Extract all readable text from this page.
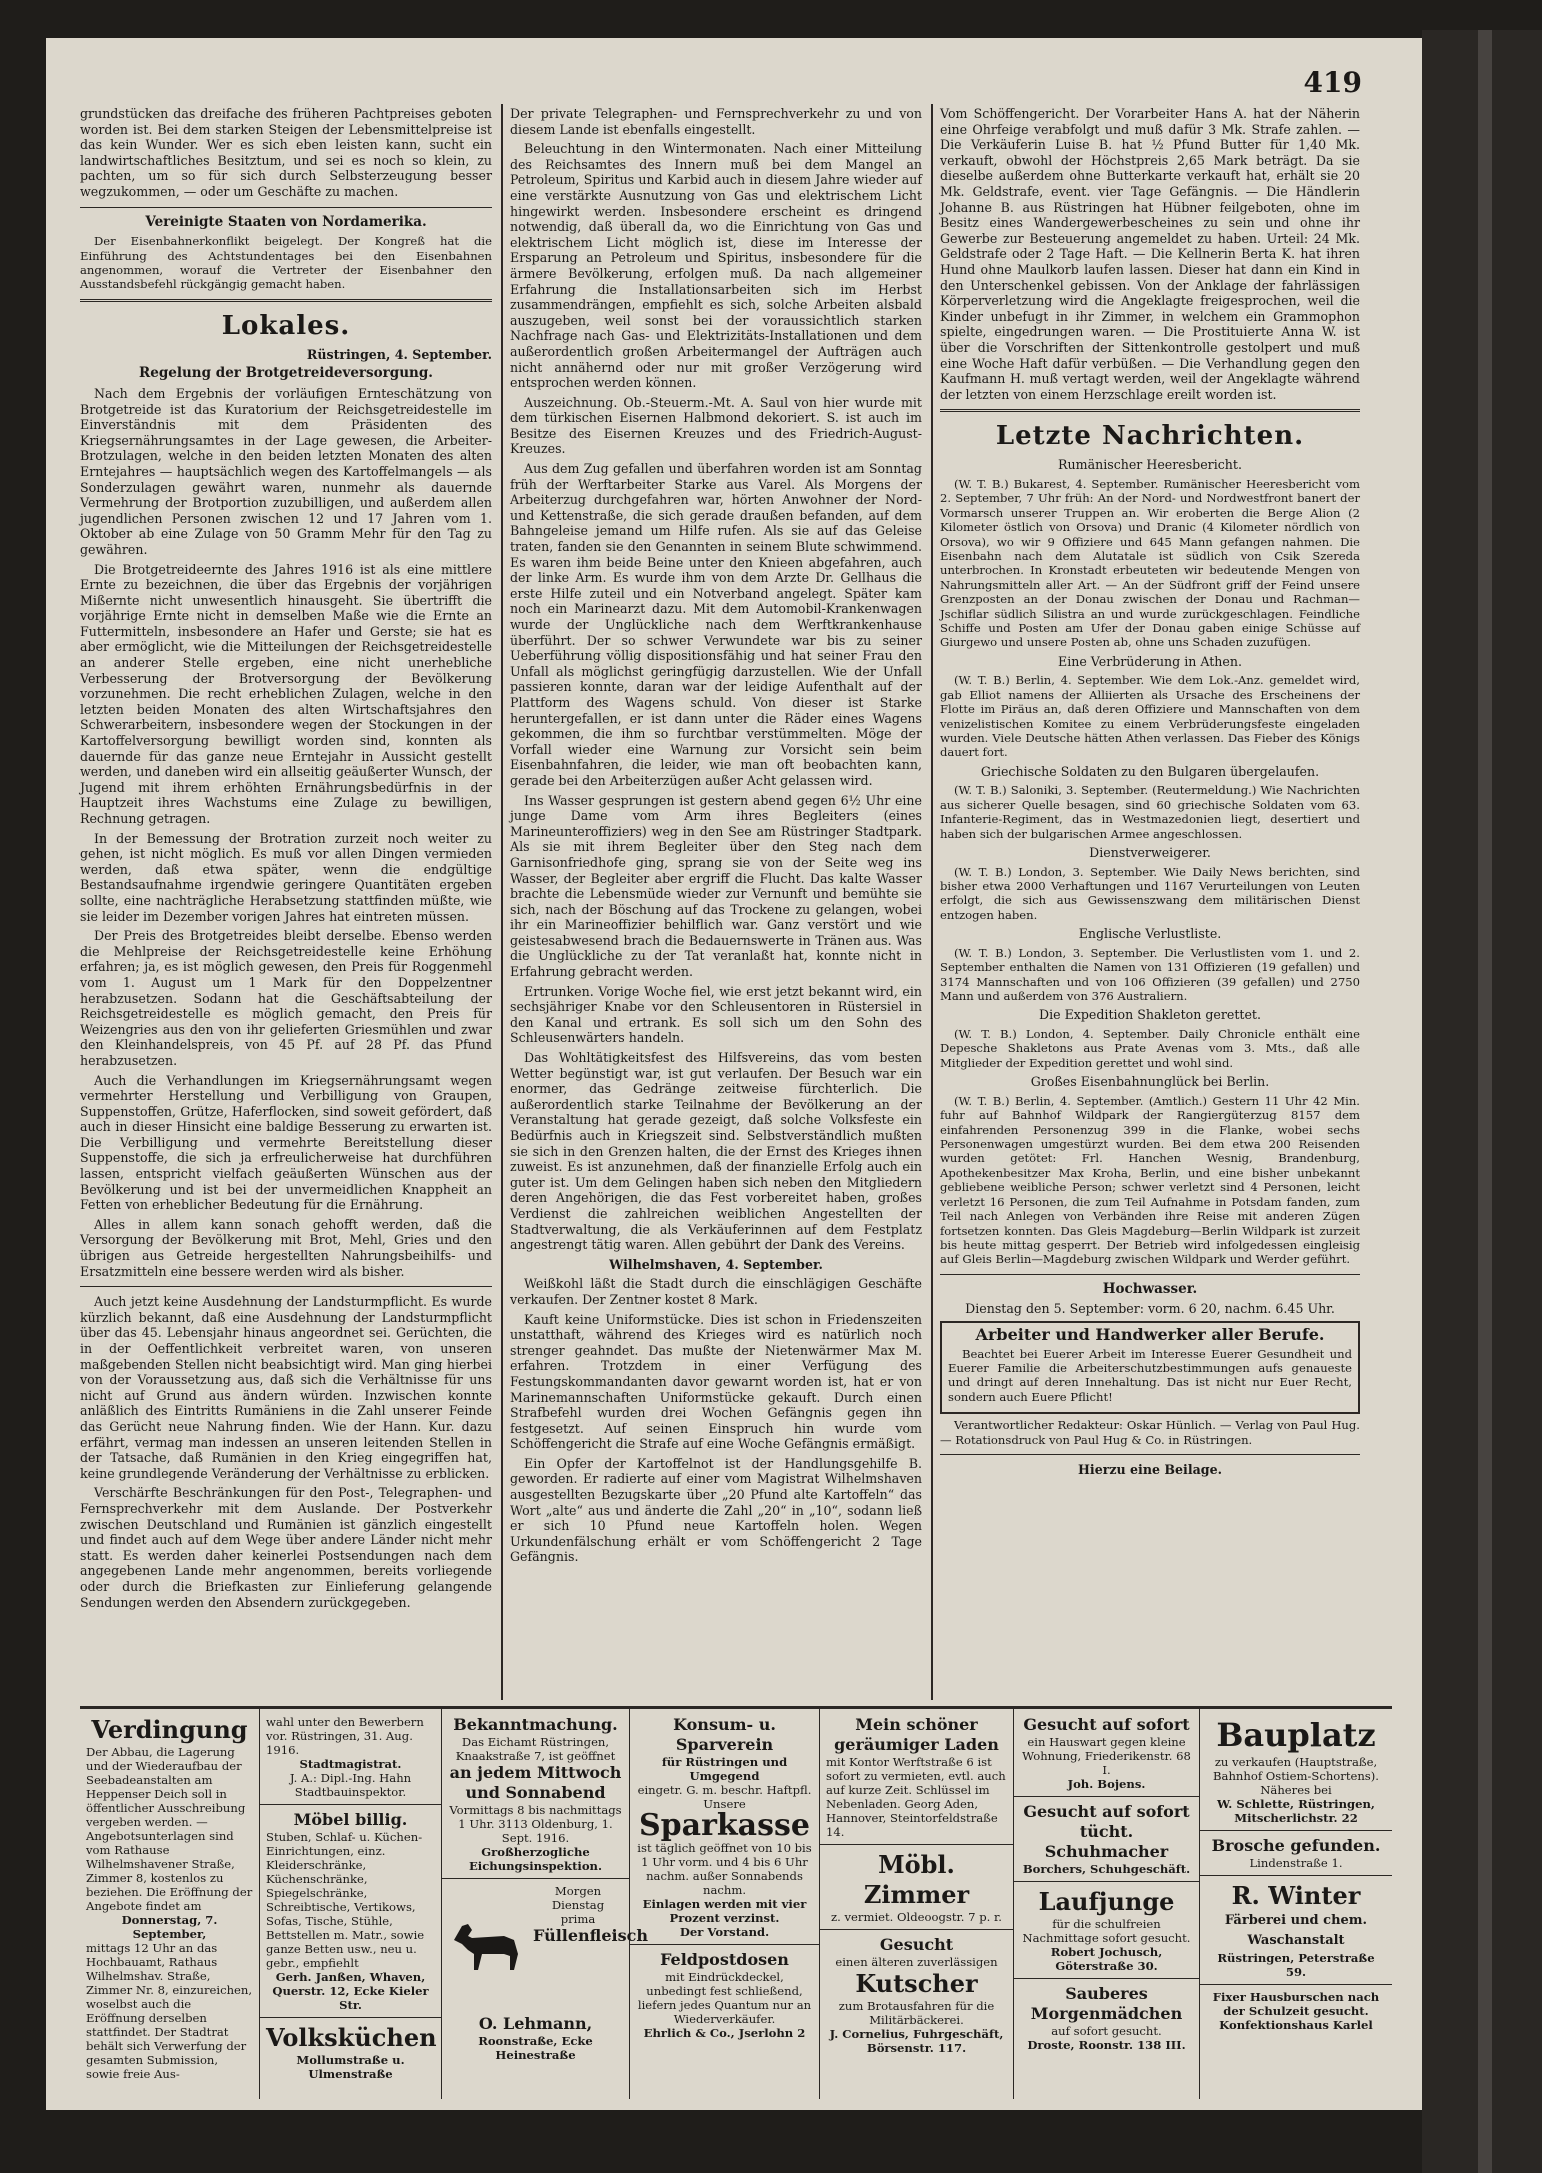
419

grundstücken das dreifache des früheren Pachtpreises geboten worden ist. Bei dem starken Steigen der Lebensmittelpreise ist das kein Wunder. Wer es sich eben leisten kann, sucht ein landwirtschaftliches Besitztum, und sei es noch so klein, zu pachten, um so für sich durch Selbsterzeugung besser wegzukommen, — oder um Geschäfte zu machen.

Vereinigte Staaten von Nordamerika.

Der Eisenbahnerkonflikt beigelegt. Der Kongreß hat die Einführung des Achtstundentages bei den Eisenbahnen angenommen, worauf die Vertreter der Eisenbahner den Ausstandsbefehl rückgängig gemacht haben.

Lokales.

Rüstringen, 4. September.

Regelung der Brotgetreideversorgung.

Nach dem Ergebnis der vorläufigen Ernteschätzung von Brotgetreide ist das Kuratorium der Reichsgetreidestelle im Einverständnis mit dem Präsidenten des Kriegsernährungsamtes in der Lage gewesen, die Arbeiter-Brotzulagen, welche in den beiden letzten Monaten des alten Erntejahres — hauptsächlich wegen des Kartoffelmangels — als Sonderzulagen gewährt waren, nunmehr als dauernde Vermehrung der Brotportion zuzubilligen, und außerdem allen jugendlichen Personen zwischen 12 und 17 Jahren vom 1. Oktober ab eine Zulage von 50 Gramm Mehr für den Tag zu gewähren.

Die Brotgetreideernte des Jahres 1916 ist als eine mittlere Ernte zu bezeichnen, die über das Ergebnis der vorjährigen Mißernte nicht unwesentlich hinausgeht. Sie übertrifft die vorjährige Ernte nicht in demselben Maße wie die Ernte an Futtermitteln, insbesondere an Hafer und Gerste; sie hat es aber ermöglicht, wie die Mitteilungen der Reichsgetreidestelle an anderer Stelle ergeben, eine nicht unerhebliche Verbesserung der Brotversorgung der Bevölkerung vorzunehmen. Die recht erheblichen Zulagen, welche in den letzten beiden Monaten des alten Wirtschaftsjahres den Schwerarbeitern, insbesondere wegen der Stockungen in der Kartoffelversorgung bewilligt worden sind, konnten als dauernde für das ganze neue Erntejahr in Aussicht gestellt werden, und daneben wird ein allseitig geäußerter Wunsch, der Jugend mit ihrem erhöhten Ernährungsbedürfnis in der Hauptzeit ihres Wachstums eine Zulage zu bewilligen, Rechnung getragen.

In der Bemessung der Brotration zurzeit noch weiter zu gehen, ist nicht möglich. Es muß vor allen Dingen vermieden werden, daß etwa später, wenn die endgültige Bestandsaufnahme irgendwie geringere Quantitäten ergeben sollte, eine nachträgliche Herabsetzung stattfinden müßte, wie sie leider im Dezember vorigen Jahres hat eintreten müssen.

Der Preis des Brotgetreides bleibt derselbe. Ebenso werden die Mehlpreise der Reichsgetreidestelle keine Erhöhung erfahren; ja, es ist möglich gewesen, den Preis für Roggenmehl vom 1. August um 1 Mark für den Doppelzentner herabzusetzen. Sodann hat die Geschäftsabteilung der Reichsgetreidestelle es möglich gemacht, den Preis für Weizengries aus den von ihr gelieferten Griesmühlen und zwar den Kleinhandelspreis, von 45 Pf. auf 28 Pf. das Pfund herabzusetzen.

Auch die Verhandlungen im Kriegsernährungsamt wegen vermehrter Herstellung und Verbilligung von Graupen, Suppenstoffen, Grütze, Haferflocken, sind soweit gefördert, daß auch in dieser Hinsicht eine baldige Besserung zu erwarten ist. Die Verbilligung und vermehrte Bereitstellung dieser Suppenstoffe, die sich ja erfreulicherweise hat durchführen lassen, entspricht vielfach geäußerten Wünschen aus der Bevölkerung und ist bei der unvermeidlichen Knappheit an Fetten von erheblicher Bedeutung für die Ernährung.

Alles in allem kann sonach gehofft werden, daß die Versorgung der Bevölkerung mit Brot, Mehl, Gries und den übrigen aus Getreide hergestellten Nahrungsbeihilfs- und Ersatzmitteln eine bessere werden wird als bisher.

Auch jetzt keine Ausdehnung der Landsturmpflicht. Es wurde kürzlich bekannt, daß eine Ausdehnung der Landsturmpflicht über das 45. Lebensjahr hinaus angeordnet sei. Gerüchten, die in der Oeffentlichkeit verbreitet waren, von unseren maßgebenden Stellen nicht beabsichtigt wird. Man ging hierbei von der Voraussetzung aus, daß sich die Verhältnisse für uns nicht auf Grund aus ändern würden. Inzwischen konnte anläßlich des Eintritts Rumäniens in die Zahl unserer Feinde das Gerücht neue Nahrung finden. Wie der Hann. Kur. dazu erfährt, vermag man indessen an unseren leitenden Stellen in der Tatsache, daß Rumänien in den Krieg eingegriffen hat, keine grundlegende Veränderung der Verhältnisse zu erblicken.

Verschärfte Beschränkungen für den Post-, Telegraphen- und Fernsprechverkehr mit dem Auslande. Der Postverkehr zwischen Deutschland und Rumänien ist gänzlich eingestellt und findet auch auf dem Wege über andere Länder nicht mehr statt. Es werden daher keinerlei Postsendungen nach dem angegebenen Lande mehr angenommen, bereits vorliegende oder durch die Briefkasten zur Einlieferung gelangende Sendungen werden den Absendern zurückgegeben.

Der private Telegraphen- und Fernsprechverkehr zu und von diesem Lande ist ebenfalls eingestellt.

Beleuchtung in den Wintermonaten. Nach einer Mitteilung des Reichsamtes des Innern muß bei dem Mangel an Petroleum, Spiritus und Karbid auch in diesem Jahre wieder auf eine verstärkte Ausnutzung von Gas und elektrischem Licht hingewirkt werden. Insbesondere erscheint es dringend notwendig, daß überall da, wo die Einrichtung von Gas und elektrischem Licht möglich ist, diese im Interesse der Ersparung an Petroleum und Spiritus, insbesondere für die ärmere Bevölkerung, erfolgen muß. Da nach allgemeiner Erfahrung die Installationsarbeiten sich im Herbst zusammendrängen, empfiehlt es sich, solche Arbeiten alsbald auszugeben, weil sonst bei der voraussichtlich starken Nachfrage nach Gas- und Elektrizitäts-Installationen und dem außerordentlich großen Arbeitermangel der Aufträgen auch nicht annähernd oder nur mit großer Verzögerung wird entsprochen werden können.

Auszeichnung. Ob.-Steuerm.-Mt. A. Saul von hier wurde mit dem türkischen Eisernen Halbmond dekoriert. S. ist auch im Besitze des Eisernen Kreuzes und des Friedrich-August-Kreuzes.

Aus dem Zug gefallen und überfahren worden ist am Sonntag früh der Werftarbeiter Starke aus Varel. Als Morgens der Arbeiterzug durchgefahren war, hörten Anwohner der Nord- und Kettenstraße, die sich gerade draußen befanden, auf dem Bahngeleise jemand um Hilfe rufen. Als sie auf das Geleise traten, fanden sie den Genannten in seinem Blute schwimmend. Es waren ihm beide Beine unter den Knieen abgefahren, auch der linke Arm. Es wurde ihm von dem Arzte Dr. Gellhaus die erste Hilfe zuteil und ein Notverband angelegt. Später kam noch ein Marinearzt dazu. Mit dem Automobil-Krankenwagen wurde der Unglückliche nach dem Werftkrankenhause überführt. Der so schwer Verwundete war bis zu seiner Ueberführung völlig dispositionsfähig und hat seiner Frau den Unfall als möglichst geringfügig darzustellen. Wie der Unfall passieren konnte, daran war der leidige Aufenthalt auf der Plattform des Wagens schuld. Von dieser ist Starke heruntergefallen, er ist dann unter die Räder eines Wagens gekommen, die ihm so furchtbar verstümmelten. Möge der Vorfall wieder eine Warnung zur Vorsicht sein beim Eisenbahnfahren, die leider, wie man oft beobachten kann, gerade bei den Arbeiterzügen außer Acht gelassen wird.

Ins Wasser gesprungen ist gestern abend gegen 6½ Uhr eine junge Dame vom Arm ihres Begleiters (eines Marineunteroffiziers) weg in den See am Rüstringer Stadtpark. Als sie mit ihrem Begleiter über den Steg nach dem Garnisonfriedhofe ging, sprang sie von der Seite weg ins Wasser, der Begleiter aber ergriff die Flucht. Das kalte Wasser brachte die Lebensmüde wieder zur Vernunft und bemühte sie sich, nach der Böschung auf das Trockene zu gelangen, wobei ihr ein Marineoffizier behilflich war. Ganz verstört und wie geistesabwesend brach die Bedauernswerte in Tränen aus. Was die Unglückliche zu der Tat veranlaßt hat, konnte nicht in Erfahrung gebracht werden.

Ertrunken. Vorige Woche fiel, wie erst jetzt bekannt wird, ein sechsjähriger Knabe vor den Schleusentoren in Rüstersiel in den Kanal und ertrank. Es soll sich um den Sohn des Schleusenwärters handeln.

Das Wohltätigkeitsfest des Hilfsvereins, das vom besten Wetter begünstigt war, ist gut verlaufen. Der Besuch war ein enormer, das Gedränge zeitweise fürchterlich. Die außerordentlich starke Teilnahme der Bevölkerung an der Veranstaltung hat gerade gezeigt, daß solche Volksfeste ein Bedürfnis auch in Kriegszeit sind. Selbstverständlich mußten sie sich in den Grenzen halten, die der Ernst des Krieges ihnen zuweist. Es ist anzunehmen, daß der finanzielle Erfolg auch ein guter ist. Um dem Gelingen haben sich neben den Mitgliedern deren Angehörigen, die das Fest vorbereitet haben, großes Verdienst die zahlreichen weiblichen Angestellten der Stadtverwaltung, die als Verkäuferinnen auf dem Festplatz angestrengt tätig waren. Allen gebührt der Dank des Vereins.

Wilhelmshaven, 4. September.

Weißkohl läßt die Stadt durch die einschlägigen Geschäfte verkaufen. Der Zentner kostet 8 Mark.

Kauft keine Uniformstücke. Dies ist schon in Friedenszeiten unstatthaft, während des Krieges wird es natürlich noch strenger geahndet. Das mußte der Nietenwärmer Max M. erfahren. Trotzdem in einer Verfügung des Festungskommandanten davor gewarnt worden ist, hat er von Marinemannschaften Uniformstücke gekauft. Durch einen Strafbefehl wurden drei Wochen Gefängnis gegen ihn festgesetzt. Auf seinen Einspruch hin wurde vom Schöffengericht die Strafe auf eine Woche Gefängnis ermäßigt.

Ein Opfer der Kartoffelnot ist der Handlungsgehilfe B. geworden. Er radierte auf einer vom Magistrat Wilhelmshaven ausgestellten Bezugskarte über „20 Pfund alte Kartoffeln“ das Wort „alte“ aus und änderte die Zahl „20“ in „10“, sodann ließ er sich 10 Pfund neue Kartoffeln holen. Wegen Urkundenfälschung erhält er vom Schöffengericht 2 Tage Gefängnis.

Vom Schöffengericht. Der Vorarbeiter Hans A. hat der Näherin eine Ohrfeige verabfolgt und muß dafür 3 Mk. Strafe zahlen. — Die Verkäuferin Luise B. hat ½ Pfund Butter für 1,40 Mk. verkauft, obwohl der Höchstpreis 2,65 Mark beträgt. Da sie dieselbe außerdem ohne Butterkarte verkauft hat, erhält sie 20 Mk. Geldstrafe, event. vier Tage Gefängnis. — Die Händlerin Johanne B. aus Rüstringen hat Hübner feilgeboten, ohne im Besitz eines Wandergewerbescheines zu sein und ohne ihr Gewerbe zur Besteuerung angemeldet zu haben. Urteil: 24 Mk. Geldstrafe oder 2 Tage Haft. — Die Kellnerin Berta K. hat ihren Hund ohne Maulkorb laufen lassen. Dieser hat dann ein Kind in den Unterschenkel gebissen. Von der Anklage der fahrlässigen Körperverletzung wird die Angeklagte freigesprochen, weil die Kinder unbefugt in ihr Zimmer, in welchem ein Grammophon spielte, eingedrungen waren. — Die Prostituierte Anna W. ist über die Vorschriften der Sittenkontrolle gestolpert und muß eine Woche Haft dafür verbüßen. — Die Verhandlung gegen den Kaufmann H. muß vertagt werden, weil der Angeklagte während der letzten von einem Herzschlage ereilt worden ist.

Letzte Nachrichten.

Rumänischer Heeresbericht.

(W. T. B.) Bukarest, 4. September. Rumänischer Heeresbericht vom 2. September, 7 Uhr früh: An der Nord- und Nordwestfront banert der Vormarsch unserer Truppen an. Wir eroberten die Berge Alion (2 Kilometer östlich von Orsova) und Dranic (4 Kilometer nördlich von Orsova), wo wir 9 Offiziere und 645 Mann gefangen nahmen. Die Eisenbahn nach dem Alutatale ist südlich von Csik Szereda unterbrochen. In Kronstadt erbeuteten wir bedeutende Mengen von Nahrungsmitteln aller Art. — An der Südfront griff der Feind unsere Grenzposten an der Donau zwischen der Donau und Rachman—Jschiflar südlich Silistra an und wurde zurückgeschlagen. Feindliche Schiffe und Posten am Ufer der Donau gaben einige Schüsse auf Giurgewo und unsere Posten ab, ohne uns Schaden zuzufügen.

Eine Verbrüderung in Athen.

(W. T. B.) Berlin, 4. September. Wie dem Lok.-Anz. gemeldet wird, gab Elliot namens der Alliierten als Ursache des Erscheinens der Flotte im Piräus an, daß deren Offiziere und Mannschaften von dem venizelistischen Komitee zu einem Verbrüderungsfeste eingeladen wurden. Viele Deutsche hätten Athen verlassen. Das Fieber des Königs dauert fort.

Griechische Soldaten zu den Bulgaren übergelaufen.

(W. T. B.) Saloniki, 3. September. (Reutermeldung.) Wie Nachrichten aus sicherer Quelle besagen, sind 60 griechische Soldaten vom 63. Infanterie-Regiment, das in Westmazedonien liegt, desertiert und haben sich der bulgarischen Armee angeschlossen.

Dienstverweigerer.

(W. T. B.) London, 3. September. Wie Daily News berichten, sind bisher etwa 2000 Verhaftungen und 1167 Verurteilungen von Leuten erfolgt, die sich aus Gewissenszwang dem militärischen Dienst entzogen haben.

Englische Verlustliste.

(W. T. B.) London, 3. September. Die Verlustlisten vom 1. und 2. September enthalten die Namen von 131 Offizieren (19 gefallen) und 3174 Mannschaften und von 106 Offizieren (39 gefallen) und 2750 Mann und außerdem von 376 Australiern.

Die Expedition Shakleton gerettet.

(W. T. B.) London, 4. September. Daily Chronicle enthält eine Depesche Shakletons aus Prate Avenas vom 3. Mts., daß alle Mitglieder der Expedition gerettet und wohl sind.

Großes Eisenbahnunglück bei Berlin.

(W. T. B.) Berlin, 4. September. (Amtlich.) Gestern 11 Uhr 42 Min. fuhr auf Bahnhof Wildpark der Rangiergüterzug 8157 dem einfahrenden Personenzug 399 in die Flanke, wobei sechs Personenwagen umgestürzt wurden. Bei dem etwa 200 Reisenden wurden getötet: Frl. Hanchen Wesnig, Brandenburg, Apothekenbesitzer Max Kroha, Berlin, und eine bisher unbekannt gebliebene weibliche Person; schwer verletzt sind 4 Personen, leicht verletzt 16 Personen, die zum Teil Aufnahme in Potsdam fanden, zum Teil nach Anlegen von Verbänden ihre Reise mit anderen Zügen fortsetzen konnten. Das Gleis Magdeburg—Berlin Wildpark ist zurzeit bis heute mittag gesperrt. Der Betrieb wird infolgedessen eingleisig auf Gleis Berlin—Magdeburg zwischen Wildpark und Werder geführt.

Hochwasser.

Dienstag den 5. September: vorm. 6 20, nachm. 6.45 Uhr.

Arbeiter und Handwerker aller Berufe.

Beachtet bei Euerer Arbeit im Interesse Euerer Gesundheit und Euerer Familie die Arbeiterschutzbestimmungen aufs genaueste und dringt auf deren Innehaltung. Das ist nicht nur Euer Recht, sondern auch Euere Pflicht!

Verantwortlicher Redakteur: Oskar Hünlich. — Verlag von Paul Hug. — Rotationsdruck von Paul Hug & Co. in Rüstringen.

Hierzu eine Beilage.

Verdingung
Der Abbau, die Lagerung und der Wiederaufbau der Seebadeanstalten am Heppenser Deich soll in öffentlicher Ausschreibung vergeben werden. — Angebotsunterlagen sind vom Rathause Wilhelmshavener Straße, Zimmer 8, kostenlos zu beziehen. Die Eröffnung der Angebote findet am
Donnerstag, 7. September,
mittags 12 Uhr an das Hochbauamt, Rathaus Wilhelmshav. Straße, Zimmer Nr. 8, einzureichen, woselbst auch die Eröffnung derselben stattfindet. Der Stadtrat behält sich Verwerfung der gesamten Submission, sowie freie Aus-
wahl unter den Bewerbern vor. Rüstringen, 31. Aug. 1916.
Stadtmagistrat.
J. A.: Dipl.-Ing. Hahn Stadtbauinspektor.
Möbel billig.
Stuben, Schlaf- u. Küchen-Einrichtungen, einz. Kleiderschränke, Küchenschränke, Spiegelschränke, Schreibtische, Vertikows, Sofas, Tische, Stühle, Bettstellen m. Matr., sowie ganze Betten usw., neu u. gebr., empfiehlt
Gerh. Janßen, Whaven, Querstr. 12, Ecke Kieler Str.
Volksküchen
Mollumstraße u. Ulmenstraße
Bekanntmachung.
Das Eichamt Rüstringen, Knaakstraße 7, ist geöffnet
an jedem Mittwoch und Sonnabend
Vormittags 8 bis nachmittags 1 Uhr. 3113 Oldenburg, 1. Sept. 1916.
Großherzogliche Eichungsinspektion.
Morgen Dienstag
prima
Füllenfleisch
O. Lehmann,
Roonstraße, Ecke Heinestraße
Konsum- u. Sparverein
für Rüstringen und Umgegend
eingetr. G. m. beschr. Haftpfl.
Unsere
Sparkasse
ist täglich geöffnet von 10 bis 1 Uhr vorm. und 4 bis 6 Uhr nachm. außer Sonnabends nachm.
Einlagen werden mit vier Prozent verzinst.
Der Vorstand.
Feldpostdosen
mit Eindrückdeckel, unbedingt fest schließend, liefern jedes Quantum nur an Wiederverkäufer.
Ehrlich & Co., Jserlohn 2
Mein schöner geräumiger Laden
mit Kontor Werftstraße 6 ist sofort zu vermieten, evtl. auch auf kurze Zeit. Schlüssel im Nebenladen. Georg Aden, Hannover, Steintorfeldstraße 14.
Möbl. Zimmer
z. vermiet. Oldeoogstr. 7 p. r.
Gesucht
einen älteren zuverlässigen
Kutscher
zum Brotausfahren für die Militärbäckerei.
J. Cornelius, Fuhrgeschäft, Börsenstr. 117.
Gesucht auf sofort
ein Hauswart gegen kleine Wohnung, Friederikenstr. 68 I.
Joh. Bojens.
Gesucht auf sofort tücht. Schuhmacher
Borchers, Schuhgeschäft.
Laufjunge
für die schulfreien Nachmittage sofort gesucht.
Robert Jochusch, Göterstraße 30.
Sauberes Morgenmädchen
auf sofort gesucht.
Droste, Roonstr. 138 III.
Bauplatz
zu verkaufen (Hauptstraße, Bahnhof Ostiem-Schortens). Näheres bei
W. Schlette, Rüstringen, Mitscherlichstr. 22
Brosche gefunden.
Lindenstraße 1.
R. Winter
Färberei und chem. Waschanstalt
Rüstringen, Peterstraße 59.
Fixer Hausburschen nach der Schulzeit gesucht.
Konfektionshaus Karlel
